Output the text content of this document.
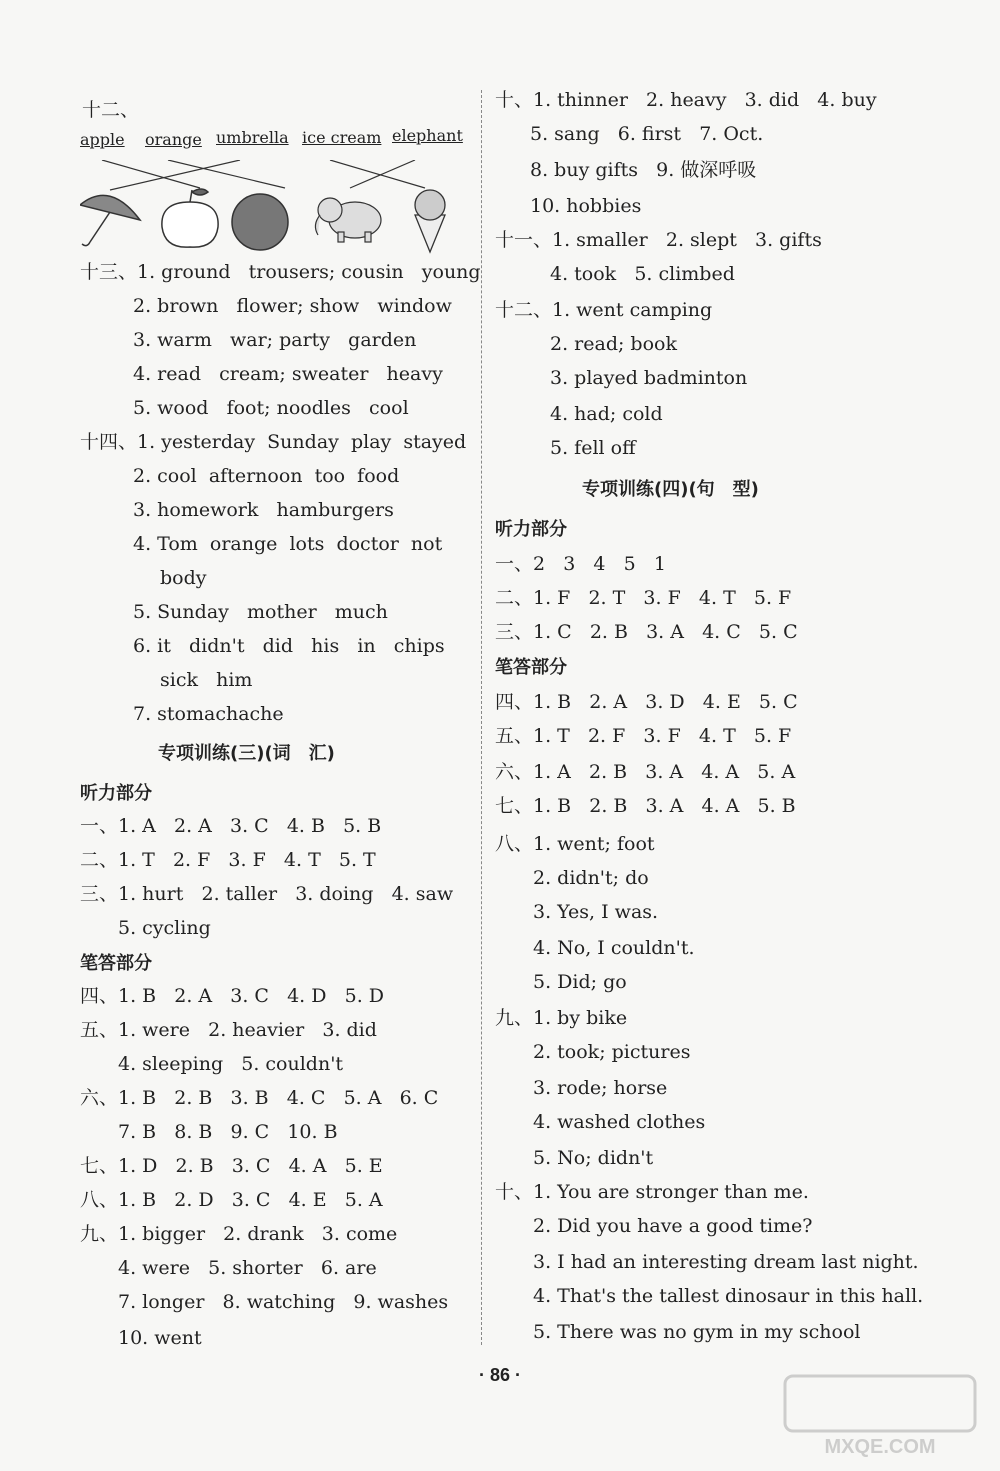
十二、
apple orange umbrella ice cream elephant
十三、1. ground   trousers; cousin   young
2. brown   flower; show   window
3. warm   war; party   garden
4. read   cream; sweater   heavy
5. wood   foot; noodles   cool
十四、1. yesterday  Sunday  play  stayed
2. cool  afternoon  too  food
3. homework   hamburgers
4. Tom  orange  lots  doctor  not
body
5. Sunday   mother   much
6. it   didn't   did   his   in   chips
sick   him
7. stomachache
专项训练(三)(词　汇)
听力部分
一、1. A   2. A   3. C   4. B   5. B
二、1. T   2. F   3. F   4. T   5. T
三、1. hurt   2. taller   3. doing   4. saw
5. cycling
笔答部分
四、1. B   2. A   3. C   4. D   5. D
五、1. were   2. heavier   3. did
4. sleeping   5. couldn't
六、1. B   2. B   3. B   4. C   5. A   6. C
7. B   8. B   9. C   10. B
七、1. D   2. B   3. C   4. A   5. E
八、1. B   2. D   3. C   4. E   5. A
九、1. bigger   2. drank   3. come
4. were   5. shorter   6. are
7. longer   8. watching   9. washes
10. went
十、1. thinner   2. heavy   3. did   4. buy
5. sang   6. first   7. Oct.
8. buy gifts   9. 做深呼吸
10. hobbies
十一、1. smaller   2. slept   3. gifts
4. took   5. climbed
十二、1. went camping
2. read; book
3. played badminton
4. had; cold
5. fell off
专项训练(四)(句　型)
听力部分
一、2   3   4   5   1
二、1. F   2. T   3. F   4. T   5. F
三、1. C   2. B   3. A   4. C   5. C
笔答部分
四、1. B   2. A   3. D   4. E   5. C
五、1. T   2. F   3. F   4. T   5. F
六、1. A   2. B   3. A   4. A   5. A
七、1. B   2. B   3. A   4. A   5. B
八、1. went; foot
2. didn't; do
3. Yes, I was.
4. No, I couldn't.
5. Did; go
九、1. by bike
2. took; pictures
3. rode; horse
4. washed clothes
5. No; didn't
十、1. You are stronger than me.
2. Did you have a good time?
3. I had an interesting dream last night.
4. That's the tallest dinosaur in this hall.
5. There was no gym in my school
· 86 ·
MXQE.COM
